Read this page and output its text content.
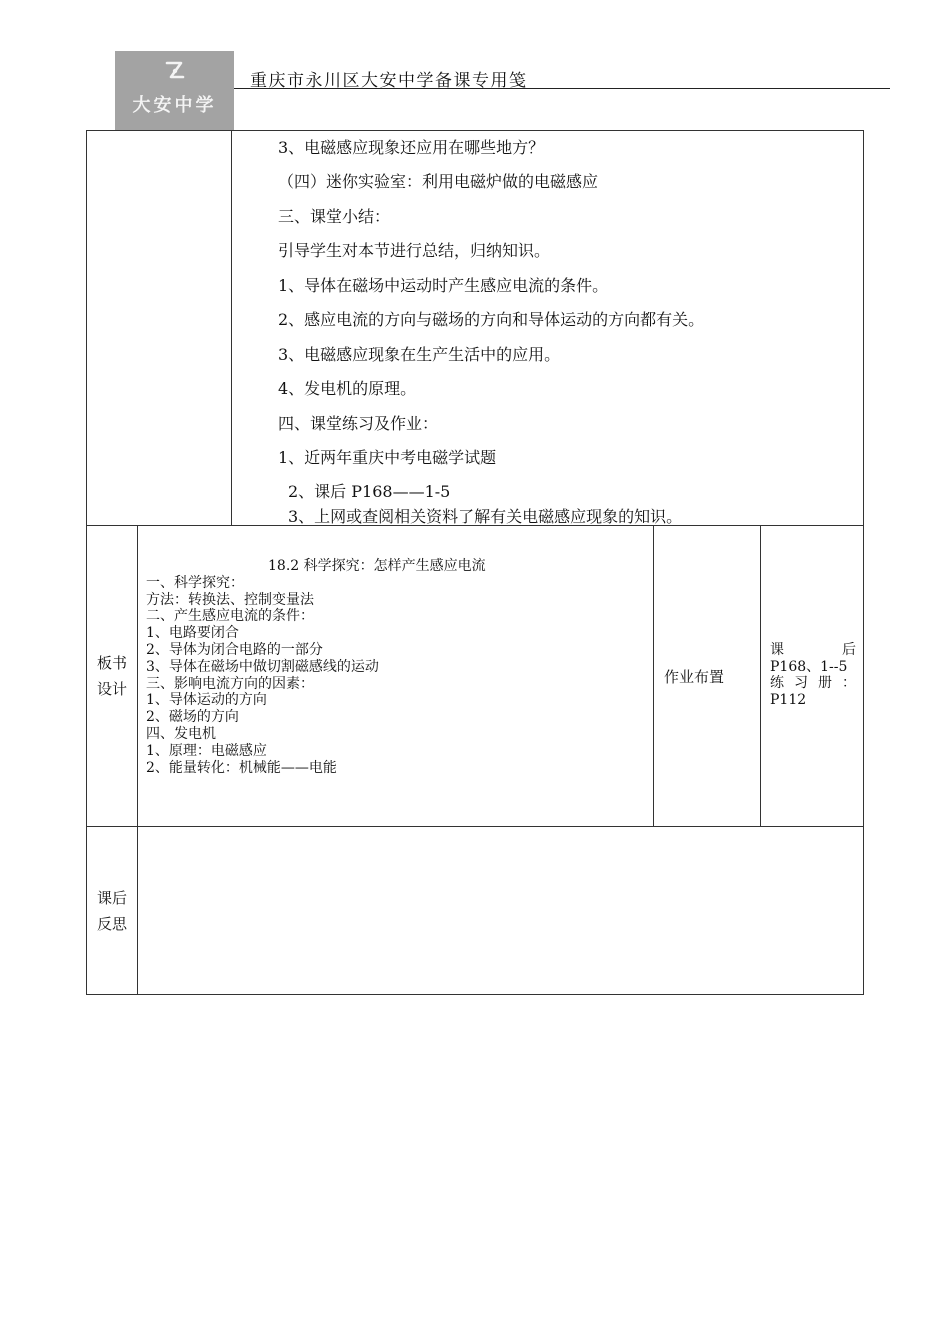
大安中学
重庆市永川区大安中学备课专用笺
3、电磁感应现象还应用在哪些地方？
（四）迷你实验室：利用电磁炉做的电磁感应
三、课堂小结：
引导学生对本节进行总结，归纳知识。
1、导体在磁场中运动时产生感应电流的条件。
2、感应电流的方向与磁场的方向和导体运动的方向都有关。
3、电磁感应现象在生产生活中的应用。
4、发电机的原理。
四、课堂练习及作业：
1、近两年重庆中考电磁学试题
2、课后 P168——1-5
3、上网或查阅相关资料了解有关电磁感应现象的知识。
板书
设计
18.2 科学探究：怎样产生感应电流
一、科学探究：
方法：转换法、控制变量法
二、产生感应电流的条件：
1、电路要闭合
2、导体为闭合电路的一部分
3、导体在磁场中做切割磁感线的运动
三、影响电流方向的因素：
1、导体运动的方向
2、磁场的方向
四、发电机
1、原理：电磁感应
2、能量转化：机械能——电能
作业布置
课	后
P168、1--5
练 习 册 ：
P112
课后
反思
